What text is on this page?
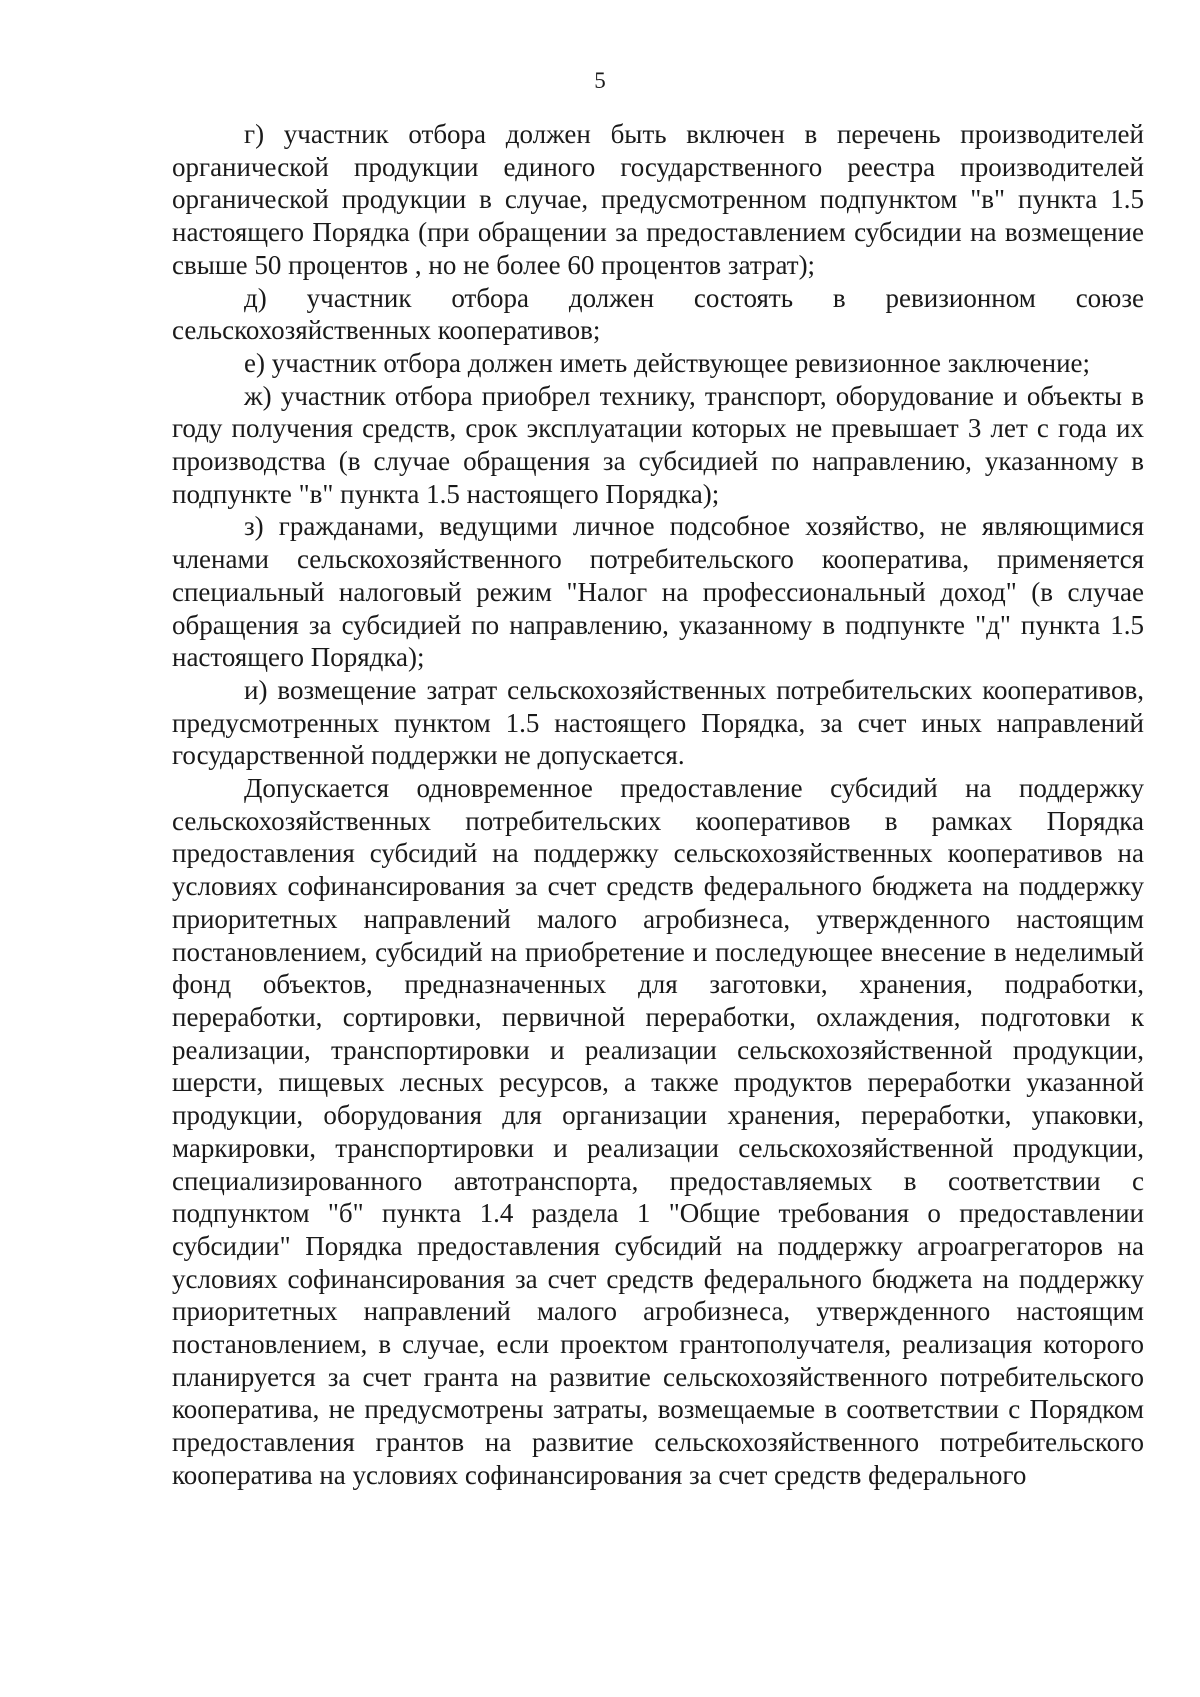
5

г) участник отбора должен быть включен в перечень производителей органической продукции единого государственного реестра производителей органической продукции в случае, предусмотренном подпунктом "в" пункта 1.5 настоящего Порядка (при обращении за предоставлением субсидии на возмещение свыше 50 процентов , но не более 60 процентов затрат);

д) участник отбора должен состоять в ревизионном союзе сельскохозяйственных кооперативов;

е) участник отбора должен иметь действующее ревизионное заключение;

ж) участник отбора приобрел технику, транспорт, оборудование и объекты в году получения средств, срок эксплуатации которых не превышает 3 лет с года их производства (в случае обращения за субсидией по направлению, указанному в подпункте "в" пункта 1.5 настоящего Порядка);

з) гражданами, ведущими личное подсобное хозяйство, не являющимися членами сельскохозяйственного потребительского кооператива, применяется специальный налоговый режим "Налог на профессиональный доход" (в случае обращения за субсидией по направлению, указанному в подпункте "д" пункта 1.5 настоящего Порядка);

и) возмещение затрат сельскохозяйственных потребительских кооперативов, предусмотренных пунктом 1.5 настоящего Порядка, за счет иных направлений государственной поддержки не допускается.

Допускается одновременное предоставление субсидий на поддержку сельскохозяйственных потребительских кооперативов в рамках Порядка предоставления субсидий на поддержку сельскохозяйственных кооперативов на условиях софинансирования за счет средств федерального бюджета на поддержку приоритетных направлений малого агробизнеса, утвержденного настоящим постановлением, субсидий на приобретение и последующее внесение в неделимый фонд объектов, предназначенных для заготовки, хранения, подработки, переработки, сортировки, первичной переработки, охлаждения, подготовки к реализации, транспортировки и реализации сельскохозяйственной продукции, шерсти, пищевых лесных ресурсов, а также продуктов переработки указанной продукции, оборудования для организации хранения, переработки, упаковки, маркировки, транспортировки и реализации сельскохозяйственной продукции, специализированного автотранспорта, предоставляемых в соответствии с подпунктом "б" пункта 1.4 раздела 1 "Общие требования о предоставлении субсидии" Порядка предоставления субсидий на поддержку агроагрегаторов на условиях софинансирования за счет средств федерального бюджета на поддержку приоритетных направлений малого агробизнеса, утвержденного настоящим постановлением, в случае, если проектом грантополучателя, реализация которого планируется за счет гранта на развитие сельскохозяйственного потребительского кооператива, не предусмотрены затраты, возмещаемые в соответствии с Порядком предоставления грантов на развитие сельскохозяйственного потребительского кооператива на условиях софинансирования за счет средств федерального
